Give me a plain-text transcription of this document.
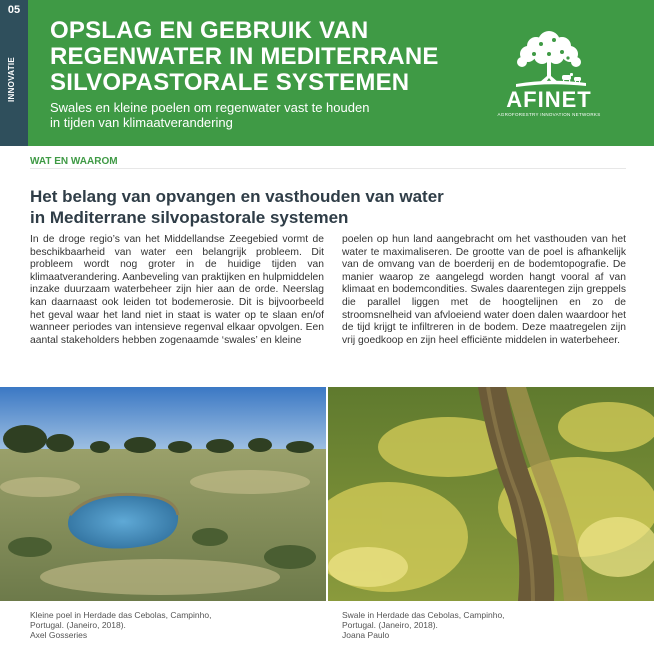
05
INNOVATIE
OPSLAG EN GEBRUIK VAN
REGENWATER IN MEDITERRANE
SILVOPASTORALE SYSTEMEN
Swales en kleine poelen om regenwater vast te houden
in tijden van klimaatverandering
AFINET
AGROFORESTRY INNOVATION NETWORKS
WAT EN WAAROM
Het belang van opvangen en vasthouden van water
in Mediterrane silvopastorale systemen
In de droge regio’s van het Middellandse Zeegebied vormt de beschikbaarheid van water een belangrijk probleem. Dit probleem wordt nog groter in de huidige tijden van klimaatverandering. Aanbeveling van praktijken en hulpmiddelen inzake duurzaam waterbeheer zijn hier aan de orde. Neerslag kan daarnaast ook leiden tot bodemerosie. Dit is bijvoorbeeld het geval waar het land niet in staat is water op te slaan en/of wanneer periodes van intensieve regenval elkaar opvolgen. Een aantal stakeholders hebben zogenaamde ‘swales’ en kleine
poelen op hun land aangebracht om het vasthouden van het water te maximaliseren. De grootte van de poel is afhankelijk van de omvang van de boerderij en de bodemtopografie. De manier waarop ze aangelegd worden hangt vooral af van klimaat en bodemcondities. Swales daarentegen zijn greppels die parallel liggen met de hoogtelijnen en zo de stroomsnelheid van afvloeiend water doen dalen waardoor het de tijd krijgt te infiltreren in de bodem. Deze maatregelen zijn vrij goedkoop en zijn heel efficiënte middelen in waterbeheer.
Kleine poel in Herdade das Cebolas, Campinho,
Portugal. (Janeiro, 2018).
Axel Gosseries
Swale in Herdade das Cebolas, Campinho,
Portugal. (Janeiro, 2018).
Joana Paulo
